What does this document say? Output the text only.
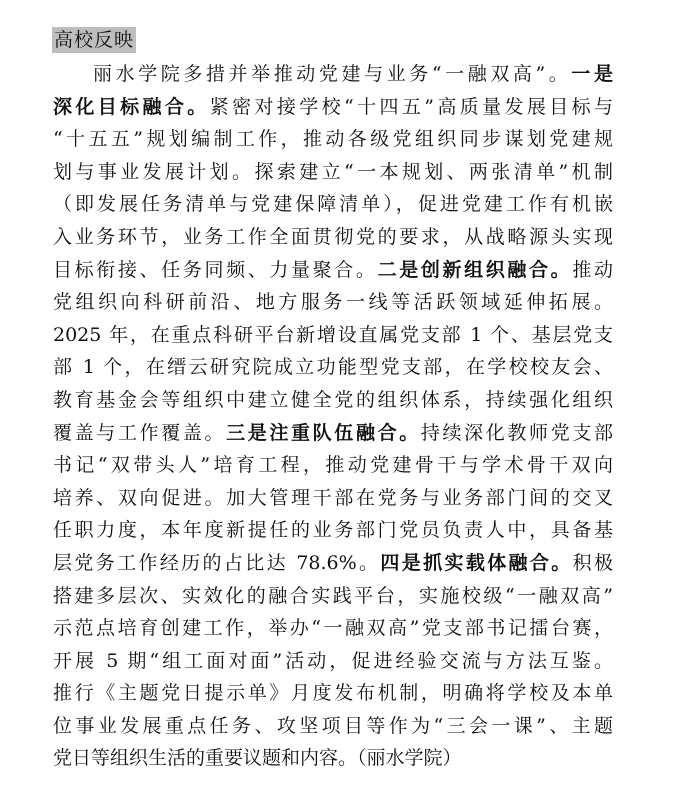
高校反映
丽水学院多措并举推动党建与业务“一融双高”。一是
深化目标融合。紧密对接学校“十四五”高质量发展目标与
“十五五”规划编制工作，推动各级党组织同步谋划党建规
划与事业发展计划。探索建立“一本规划、两张清单”机制
（即发展任务清单与党建保障清单），促进党建工作有机嵌
入业务环节，业务工作全面贯彻党的要求，从战略源头实现
目标衔接、任务同频、力量聚合。二是创新组织融合。推动
党组织向科研前沿、地方服务一线等活跃领域延伸拓展。
2025 年，在重点科研平台新增设直属党支部 1 个、基层党支
部 1 个，在缙云研究院成立功能型党支部，在学校校友会、
教育基金会等组织中建立健全党的组织体系，持续强化组织
覆盖与工作覆盖。三是注重队伍融合。持续深化教师党支部
书记“双带头人”培育工程，推动党建骨干与学术骨干双向
培养、双向促进。加大管理干部在党务与业务部门间的交叉
任职力度，本年度新提任的业务部门党员负责人中，具备基
层党务工作经历的占比达 78.6%。四是抓实载体融合。积极
搭建多层次、实效化的融合实践平台，实施校级“一融双高”
示范点培育创建工作，举办“一融双高”党支部书记擂台赛，
开展 5 期“组工面对面”活动，促进经验交流与方法互鉴。
推行《主题党日提示单》月度发布机制，明确将学校及本单
位事业发展重点任务、攻坚项目等作为“三会一课”、主题
党日等组织生活的重要议题和内容。（丽水学院）
